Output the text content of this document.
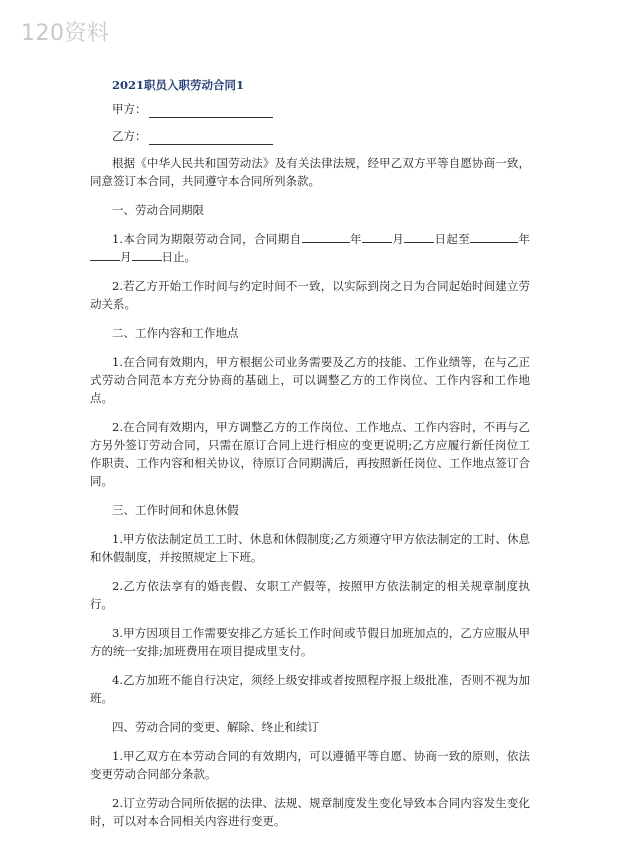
120资料
2021职员入职劳动合同1
甲方：
乙方：

根据《中华人民共和国劳动法》及有关法律法规，经甲乙双方平等自愿协商一致，同意签订本合同，共同遵守本合同所列条款。

一、劳动合同期限

1.本合同为期限劳动合同，合同期自	年	月	日起至	年月	日止。

2.若乙方开始工作时间与约定时间不一致，以实际到岗之日为合同起始时间建立劳动关系。

二、工作内容和工作地点

1.在合同有效期内，甲方根据公司业务需要及乙方的技能、工作业绩等，在与乙正式劳动合同范本方充分协商的基础上，可以调整乙方的工作岗位、工作内容和工作地点。

2.在合同有效期内，甲方调整乙方的工作岗位、工作地点、工作内容时，不再与乙方另外签订劳动合同，只需在原订合同上进行相应的变更说明;乙方应履行新任岗位工作职责、工作内容和相关协议，待原订合同期满后，再按照新任岗位、工作地点签订合同。

三、工作时间和休息休假

1.甲方依法制定员工工时、休息和休假制度;乙方须遵守甲方依法制定的工时、休息和休假制度，并按照规定上下班。

2.乙方依法享有的婚丧假、女职工产假等，按照甲方依法制定的相关规章制度执行。

3.甲方因项目工作需要安排乙方延长工作时间或节假日加班加点的，乙方应服从甲方的统一安排;加班费用在项目提成里支付。

4.乙方加班不能自行决定，须经上级安排或者按照程序报上级批准，否则不视为加班。

四、劳动合同的变更、解除、终止和续订

1.甲乙双方在本劳动合同的有效期内，可以遵循平等自愿、协商一致的原则，依法变更劳动合同部分条款。

2.订立劳动合同所依据的法律、法规、规章制度发生变化导致本合同内容发生变化时，可以对本合同相关内容进行变更。
